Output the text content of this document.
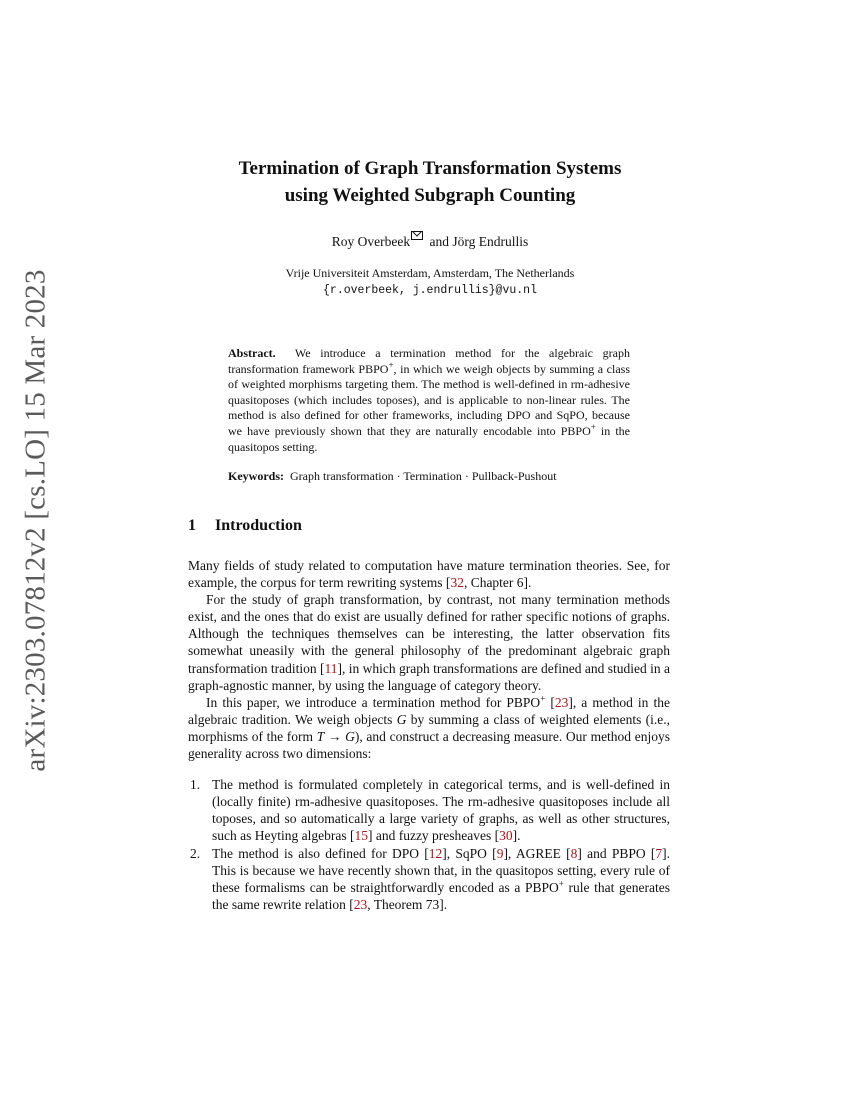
arXiv:2303.07812v2 [cs.LO] 15 Mar 2023
Termination of Graph Transformation Systems
using Weighted Subgraph Counting
Roy Overbeek and Jörg Endrullis
Vrije Universiteit Amsterdam, Amsterdam, The Netherlands
{r.overbeek, j.endrullis}@vu.nl
Abstract. We introduce a termination method for the algebraic graph transformation framework PBPO+, in which we weigh objects by summing a class of weighted morphisms targeting them. The method is well-defined in rm-adhesive quasitoposes (which includes toposes), and is applicable to non-linear rules. The method is also defined for other frameworks, including DPO and SqPO, because we have previously shown that they are naturally encodable into PBPO+ in the quasitopos setting.
Keywords: Graph transformation · Termination · Pullback-Pushout
1 Introduction

Many fields of study related to computation have mature termination theories. See, for example, the corpus for term rewriting systems [32, Chapter 6].

For the study of graph transformation, by contrast, not many termination methods exist, and the ones that do exist are usually defined for rather specific notions of graphs. Although the techniques themselves can be interesting, the latter observation fits somewhat uneasily with the general philosophy of the predominant algebraic graph transformation tradition [11], in which graph transformations are defined and studied in a graph-agnostic manner, by using the language of category theory.

In this paper, we introduce a termination method for PBPO+ [23], a method in the algebraic tradition. We weigh objects G by summing a class of weighted elements (i.e., morphisms of the form T → G), and construct a decreasing measure. Our method enjoys generality across two dimensions:

1. The method is formulated completely in categorical terms, and is well-defined in (locally finite) rm-adhesive quasitoposes. The rm-adhesive quasitoposes include all toposes, and so automatically a large variety of graphs, as well as other structures, such as Heyting algebras [15] and fuzzy presheaves [30].
2. The method is also defined for DPO [12], SqPO [9], AGREE [8] and PBPO [7]. This is because we have recently shown that, in the quasitopos setting, every rule of these formalisms can be straightforwardly encoded as a PBPO+ rule that generates the same rewrite relation [23, Theorem 73].
